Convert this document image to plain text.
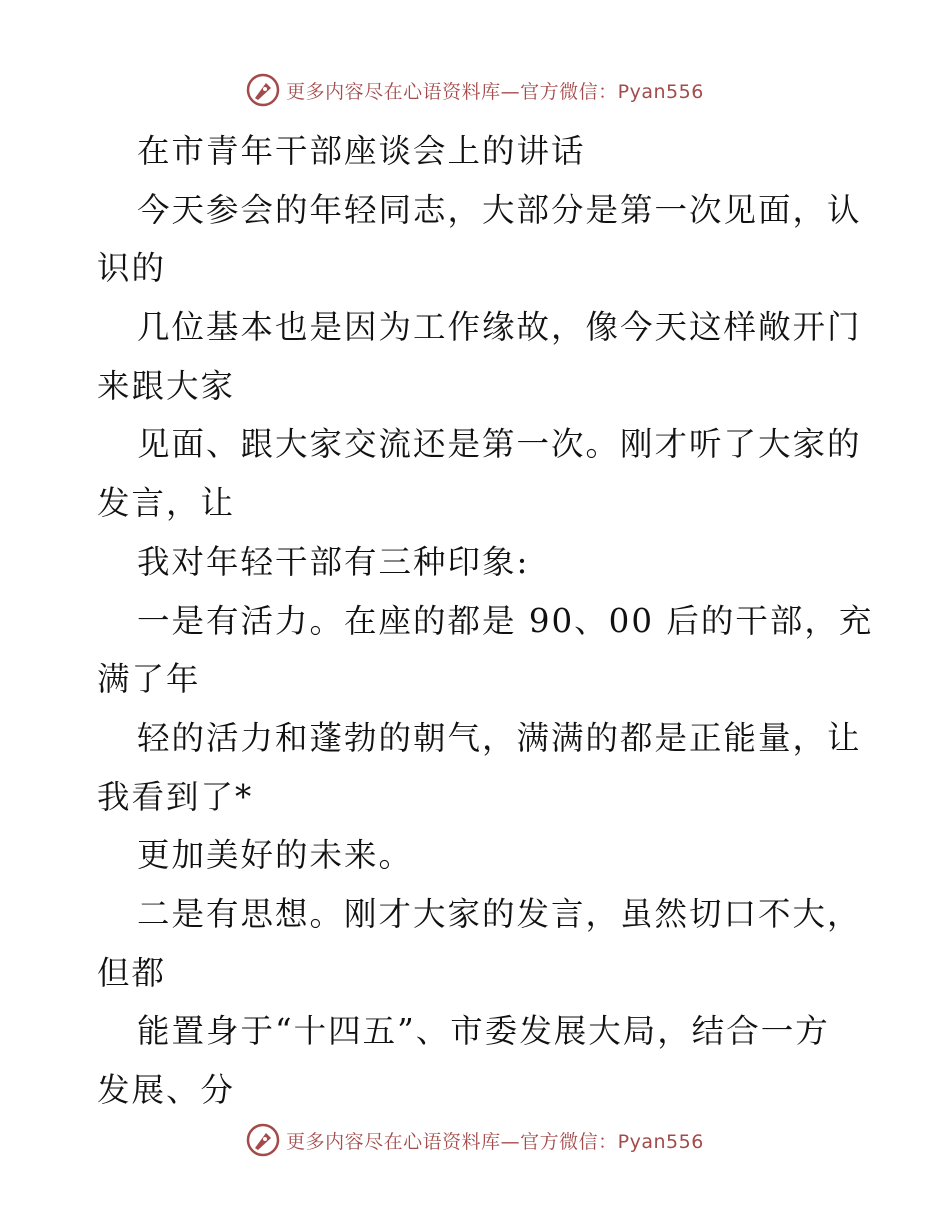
更多内容尽在心语资料库—官方微信：Pyan556
在市青年干部座谈会上的讲话
今天参会的年轻同志，大部分是第一次见面，认
识的
几位基本也是因为工作缘故，像今天这样敞开门
来跟大家
见面、跟大家交流还是第一次。刚才听了大家的
发言，让
我对年轻干部有三种印象:
一是有活力。在座的都是 90、00 后的干部，充
满了年
轻的活力和蓬勃的朝气，满满的都是正能量，让
我看到了*
更加美好的未来。
二是有思想。刚才大家的发言，虽然切口不大，
但都
能置身于“十四五”、市委发展大局，结合一方
发展、分
更多内容尽在心语资料库—官方微信：Pyan556
